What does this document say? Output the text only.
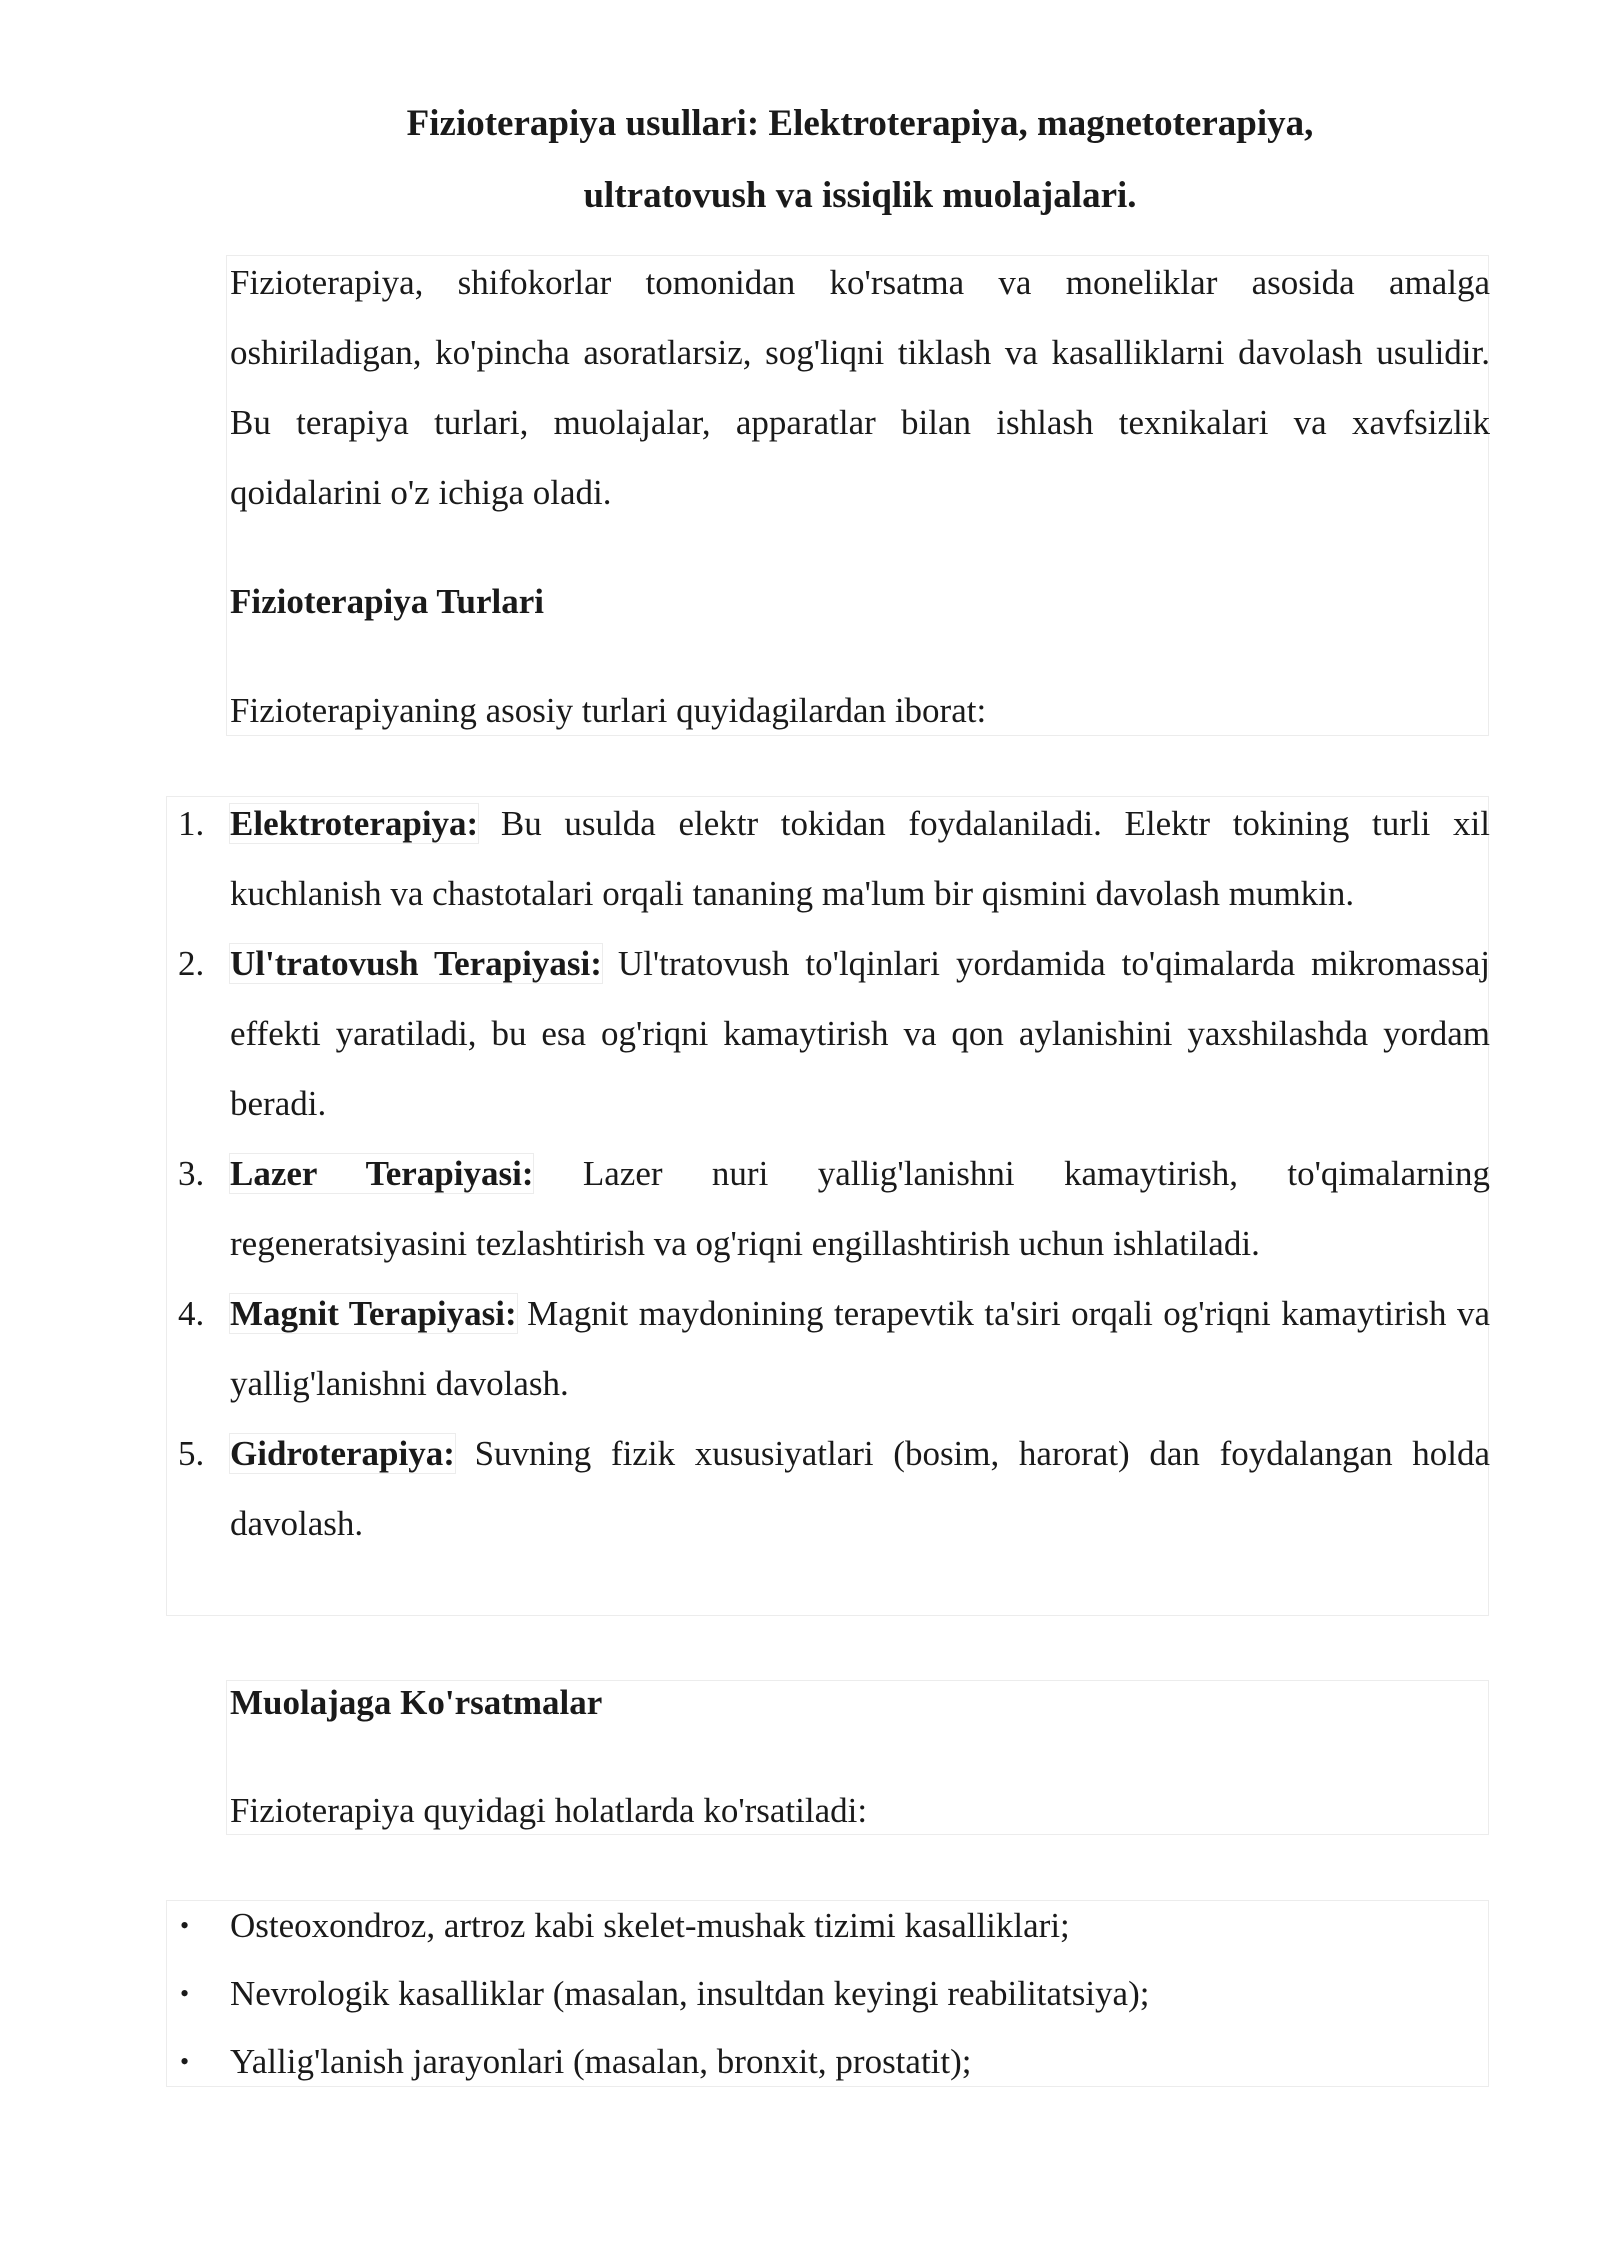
Fizioterapiya usullari: Elektroterapiya, magnetoterapiya,
ultratovush va issiqlik muolajalari.

Fizioterapiya, shifokorlar tomonidan ko'rsatma va moneliklar asosida amalga oshiriladigan, ko'pincha asoratlarsiz, sog'liqni tiklash va kasalliklarni davolash usulidir. Bu terapiya turlari, muolajalar, apparatlar bilan ishlash texnikalari va xavfsizlik qoidalarini o'z ichiga oladi.

Fizioterapiya Turlari

Fizioterapiyaning asosiy turlari quyidagilardan iborat:

1. Elektroterapiya: Bu usulda elektr tokidan foydalaniladi. Elektr tokining turli xil kuchlanish va chastotalari orqali tananing ma'lum bir qismini davolash mumkin.
2. Ul'tratovush Terapiyasi: Ul'tratovush to'lqinlari yordamida to'qimalarda mikromassaj effekti yaratiladi, bu esa og'riqni kamaytirish va qon aylanishini yaxshilashda yordam beradi.
3. Lazer Terapiyasi: Lazer nuri yallig'lanishni kamaytirish, to'qimalarning regeneratsiyasini tezlashtirish va og'riqni engillashtirish uchun ishlatiladi.
4. Magnit Terapiyasi: Magnit maydonining terapevtik ta'siri orqali og'riqni kamaytirish va yallig'lanishni davolash.
5. Gidroterapiya: Suvning fizik xususiyatlari (bosim, harorat) dan foydalangan holda davolash.
Muolajaga Ko'rsatmalar

Fizioterapiya quyidagi holatlarda ko'rsatiladi:

• Osteoxondroz, artroz kabi skelet-mushak tizimi kasalliklari;
• Nevrologik kasalliklar (masalan, insultdan keyingi reabilitatsiya);
• Yallig'lanish jarayonlari (masalan, bronxit, prostatit);
